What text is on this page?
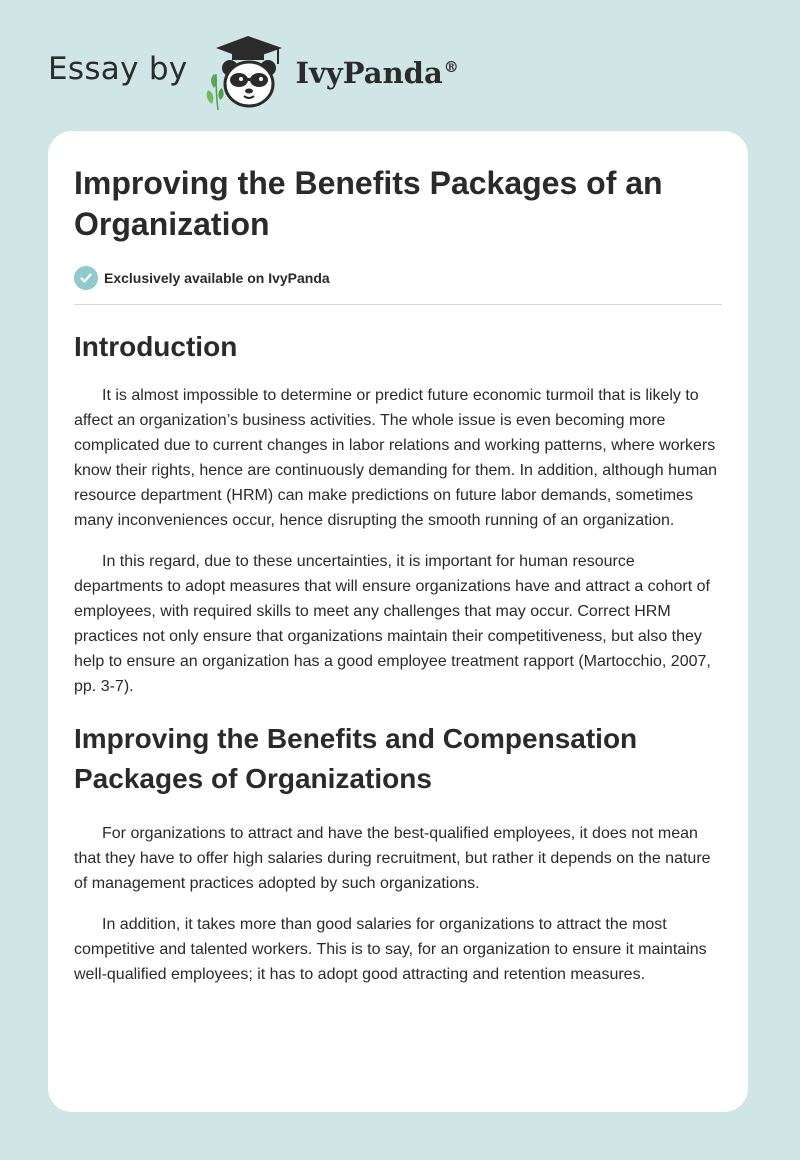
Essay by	IvyPanda®
Improving the Benefits Packages of an Organization
Exclusively available on IvyPanda
Introduction

It is almost impossible to determine or predict future economic turmoil that is likely to affect an organization’s business activities. The whole issue is even becoming more complicated due to current changes in labor relations and working patterns, where workers know their rights, hence are continuously demanding for them. In addition, although human resource department (HRM) can make predictions on future labor demands, sometimes many inconveniences occur, hence disrupting the smooth running of an organization.

In this regard, due to these uncertainties, it is important for human resource departments to adopt measures that will ensure organizations have and attract a cohort of employees, with required skills to meet any challenges that may occur. Correct HRM practices not only ensure that organizations maintain their competitiveness, but also they help to ensure an organization has a good employee treatment rapport (Martocchio, 2007, pp. 3-7).

Improving the Benefits and Compensation Packages of Organizations

For organizations to attract and have the best-qualified employees, it does not mean that they have to offer high salaries during recruitment, but rather it depends on the nature of management practices adopted by such organizations.

In addition, it takes more than good salaries for organizations to attract the most competitive and talented workers. This is to say, for an organization to ensure it maintains well-qualified employees; it has to adopt good attracting and retention measures.
